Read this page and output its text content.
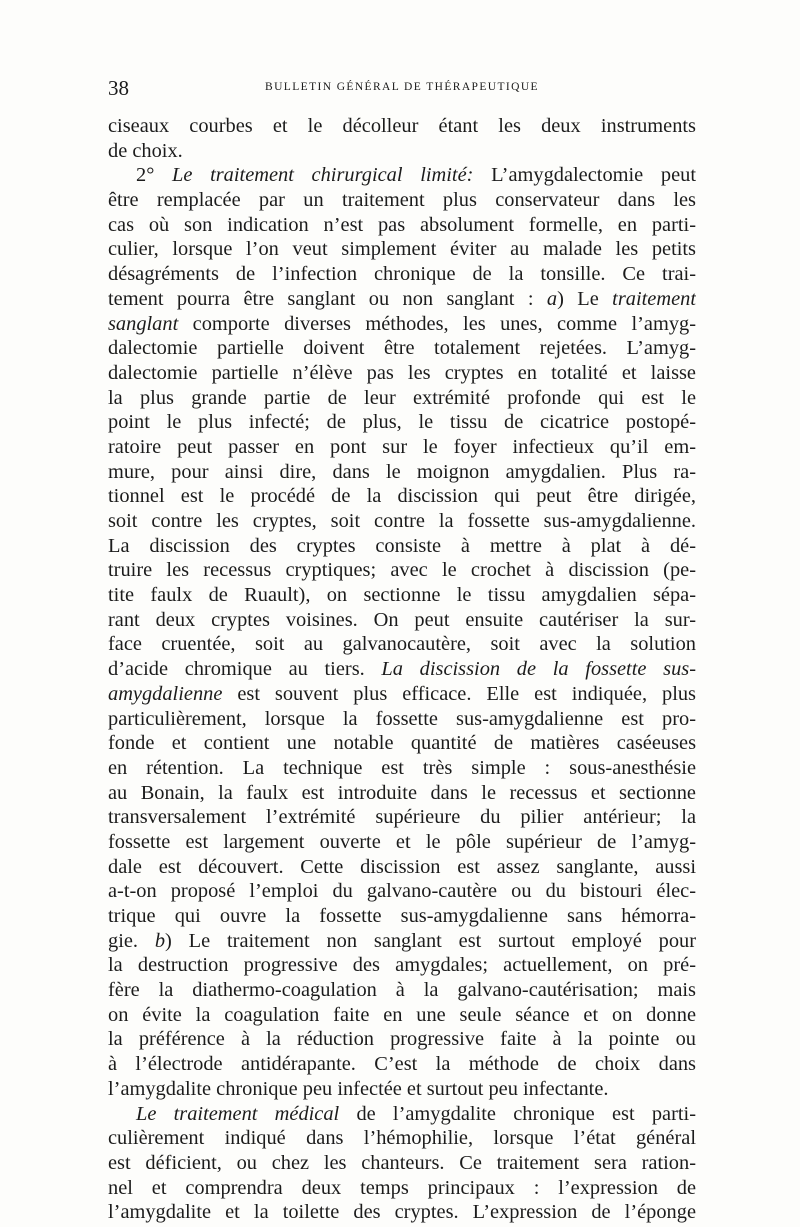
38	BULLETIN GÉNÉRAL DE THÉRAPEUTIQUE
ciseaux courbes et le décolleur étant les deux instruments
de choix.
2° Le traitement chirurgical limité: L’amygdalectomie peut
être remplacée par un traitement plus conservateur dans les
cas où son indication n’est pas absolument formelle, en parti-
culier, lorsque l’on veut simplement éviter au malade les petits
désagréments de l’infection chronique de la tonsille. Ce trai-
tement pourra être sanglant ou non sanglant : a) Le traitement
sanglant comporte diverses méthodes, les unes, comme l’amyg-
dalectomie partielle doivent être totalement rejetées. L’amyg-
dalectomie partielle n’élève pas les cryptes en totalité et laisse
la plus grande partie de leur extrémité profonde qui est le
point le plus infecté; de plus, le tissu de cicatrice postopé-
ratoire peut passer en pont sur le foyer infectieux qu’il em-
mure, pour ainsi dire, dans le moignon amygdalien. Plus ra-
tionnel est le procédé de la discission qui peut être dirigée,
soit contre les cryptes, soit contre la fossette sus-amygdalienne.
La discission des cryptes consiste à mettre à plat à dé-
truire les recessus cryptiques; avec le crochet à discission (pe-
tite faulx de Ruault), on sectionne le tissu amygdalien sépa-
rant deux cryptes voisines. On peut ensuite cautériser la sur-
face cruentée, soit au galvanocautère, soit avec la solution
d’acide chromique au tiers. La discission de la fossette sus-
amygdalienne est souvent plus efficace. Elle est indiquée, plus
particulièrement, lorsque la fossette sus-amygdalienne est pro-
fonde et contient une notable quantité de matières caséeuses
en rétention. La technique est très simple : sous-anesthésie
au Bonain, la faulx est introduite dans le recessus et sectionne
transversalement l’extrémité supérieure du pilier antérieur; la
fossette est largement ouverte et le pôle supérieur de l’amyg-
dale est découvert. Cette discission est assez sanglante, aussi
a-t-on proposé l’emploi du galvano-cautère ou du bistouri élec-
trique qui ouvre la fossette sus-amygdalienne sans hémorra-
gie. b) Le traitement non sanglant est surtout employé pour
la destruction progressive des amygdales; actuellement, on pré-
fère la diathermo-coagulation à la galvano-cautérisation; mais
on évite la coagulation faite en une seule séance et on donne
la préférence à la réduction progressive faite à la pointe ou
à l’électrode antidérapante. C’est la méthode de choix dans
l’amygdalite chronique peu infectée et surtout peu infectante.
Le traitement médical de l’amygdalite chronique est parti-
culièrement indiqué dans l’hémophilie, lorsque l’état général
est déficient, ou chez les chanteurs. Ce traitement sera ration-
nel et comprendra deux temps principaux : l’expression de
l’amygdalite et la toilette des cryptes. L’expression de l’éponge
